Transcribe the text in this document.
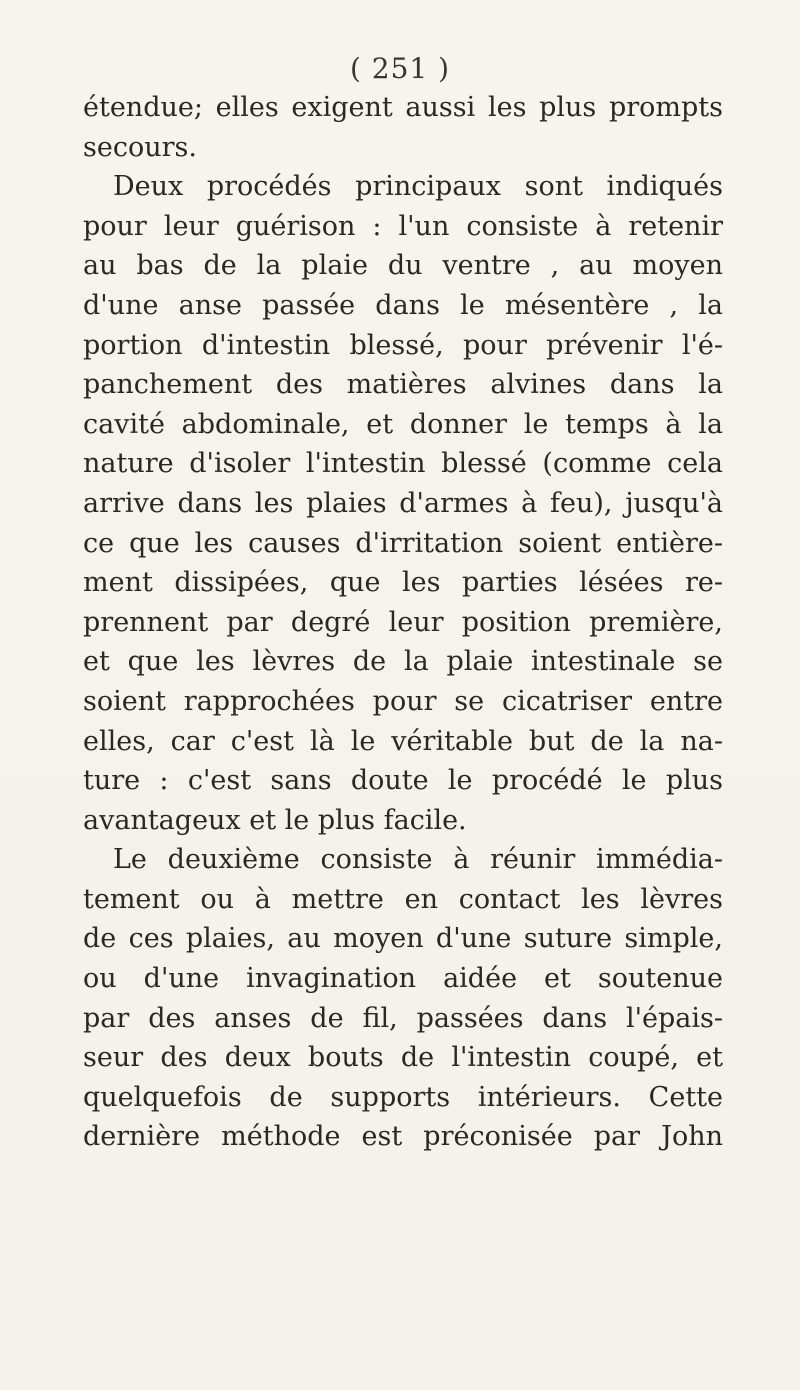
( 251 )
étendue; elles exigent aussi les plus prompts
secours.
Deux procédés principaux sont indiqués
pour leur guérison : l'un consiste à retenir
au bas de la plaie du ventre , au moyen
d'une anse passée dans le mésentère , la
portion d'intestin blessé, pour prévenir l'é-
panchement des matières alvines dans la
cavité abdominale, et donner le temps à la
nature d'isoler l'intestin blessé (comme cela
arrive dans les plaies d'armes à feu), jusqu'à
ce que les causes d'irritation soient entière-
ment dissipées, que les parties lésées re-
prennent par degré leur position première,
et que les lèvres de la plaie intestinale se
soient rapprochées pour se cicatriser entre
elles, car c'est là le véritable but de la na-
ture : c'est sans doute le procédé le plus
avantageux et le plus facile.
Le deuxième consiste à réunir immédia-
tement ou à mettre en contact les lèvres
de ces plaies, au moyen d'une suture simple,
ou d'une invagination aidée et soutenue
par des anses de fil, passées dans l'épais-
seur des deux bouts de l'intestin coupé, et
quelquefois de supports intérieurs. Cette
dernière méthode est préconisée par John
